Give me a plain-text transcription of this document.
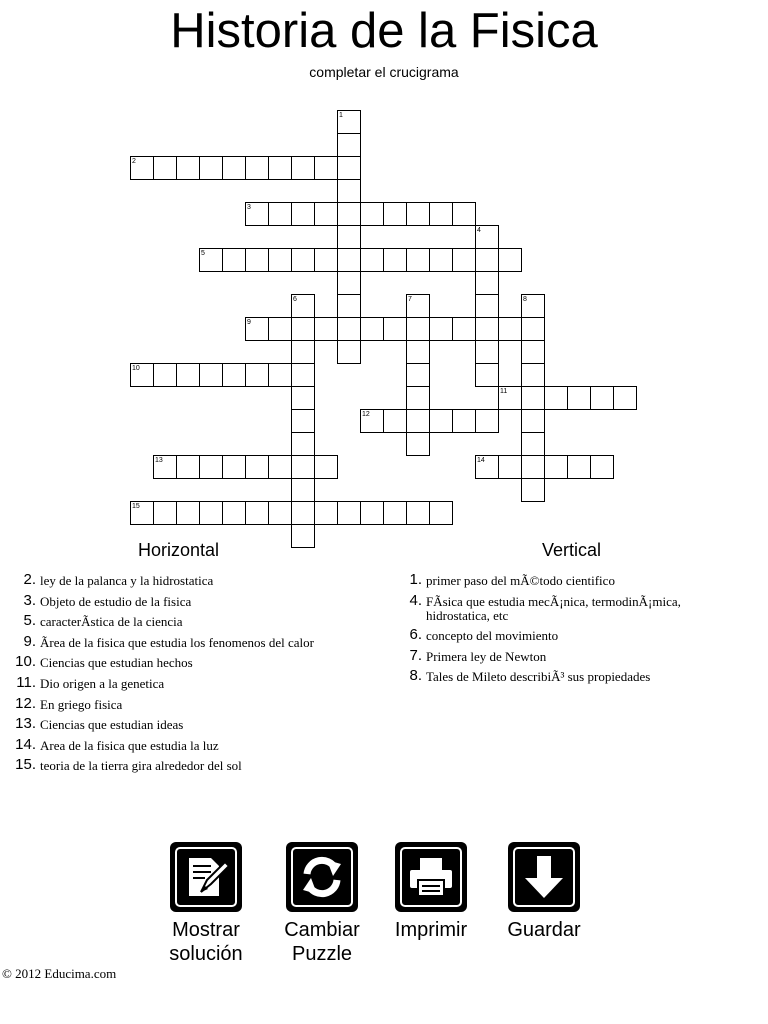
Historia de la Fisica
completar el crucigrama
1
2
3
4
5
6	7	8
9
10
11
12
13	14
15
Horizontal
2. ley de la palanca y la hidrostatica
3. Objeto de estudio de la fisica
5. caracterÃstica de la ciencia
9. Ãrea de la fisica que estudia los fenomenos del calor
10. Ciencias que estudian hechos
11. Dio origen a la genetica
12. En griego fisica
13. Ciencias que estudian ideas
14. Area de la fisica que estudia la luz
15. teoria de la tierra gira alrededor del sol
Vertical
1. primer paso del mÃ©todo cientifico
4. FÃsica que estudia mecÃ¡nica, termodinÃ¡mica, hidrostatica, etc
6. concepto del movimiento
7. Primera ley de Newton
8. Tales de Mileto describiÃ³ sus propiedades
Mostrar solución
Cambiar Puzzle
Imprimir	Guardar
© 2012 Educima.com
